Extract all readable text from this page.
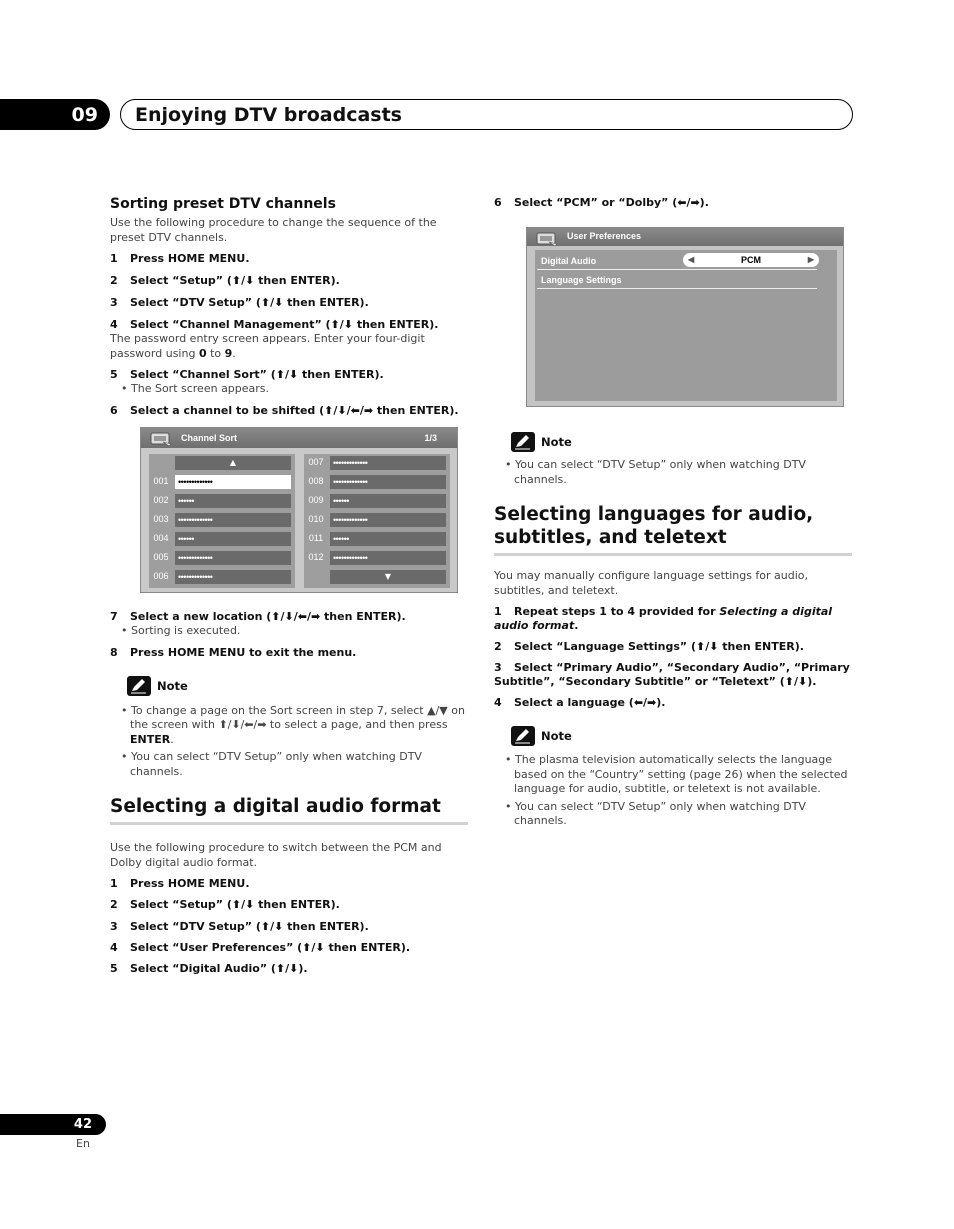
09	Enjoying DTV broadcasts
Sorting preset DTV channels
Use the following procedure to change the sequence of the preset DTV channels.
1 Press HOME MENU.
2 Select “Setup” (⬆/⬇ then ENTER).
3 Select “DTV Setup” (⬆/⬇ then ENTER).
4 Select “Channel Management” (⬆/⬇ then ENTER).
The password entry screen appears. Enter your four-digit password using 0 to 9.
5 Select “Channel Sort” (⬆/⬇ then ENTER).
• The Sort screen appears.
6 Select a channel to be shifted (⬆/⬇/⬅/➡ then ENTER).
Channel Sort	1/3
▲
001	•••••••••••••
002	••••••
003	•••••••••••••
004	••••••
005	•••••••••••••
006	•••••••••••••
007	•••••••••••••
008	•••••••••••••
009	••••••
010	•••••••••••••
011	••••••
012	•••••••••••••
▼
7 Select a new location (⬆/⬇/⬅/➡ then ENTER).
• Sorting is executed.
8 Press HOME MENU to exit the menu.
Note
• To change a page on the Sort screen in step 7, select ▲/▼ on the screen with ⬆/⬇/⬅/➡ to select a page, and then press ENTER.
• You can select “DTV Setup” only when watching DTV channels.
Selecting a digital audio format
Use the following procedure to switch between the PCM and Dolby digital audio format.
1 Press HOME MENU.
2 Select “Setup” (⬆/⬇ then ENTER).
3 Select “DTV Setup” (⬆/⬇ then ENTER).
4 Select “User Preferences” (⬆/⬇ then ENTER).
5 Select “Digital Audio” (⬆/⬇).
6 Select “PCM” or “Dolby” (⬅/➡).
User Preferences
Digital Audio	◀	PCM	▶
Language Settings
Note
• You can select “DTV Setup” only when watching DTV channels.
Selecting languages for audio, subtitles, and teletext
You may manually configure language settings for audio, subtitles, and teletext.
1 Repeat steps 1 to 4 provided for Selecting a digital audio format.
2 Select “Language Settings” (⬆/⬇ then ENTER).
3 Select “Primary Audio”, “Secondary Audio”, “Primary Subtitle”, “Secondary Subtitle” or “Teletext” (⬆/⬇).
4 Select a language (⬅/➡).
Note
• The plasma television automatically selects the language based on the “Country” setting (page 26) when the selected language for audio, subtitle, or teletext is not available.
• You can select “DTV Setup” only when watching DTV channels.
42
En
